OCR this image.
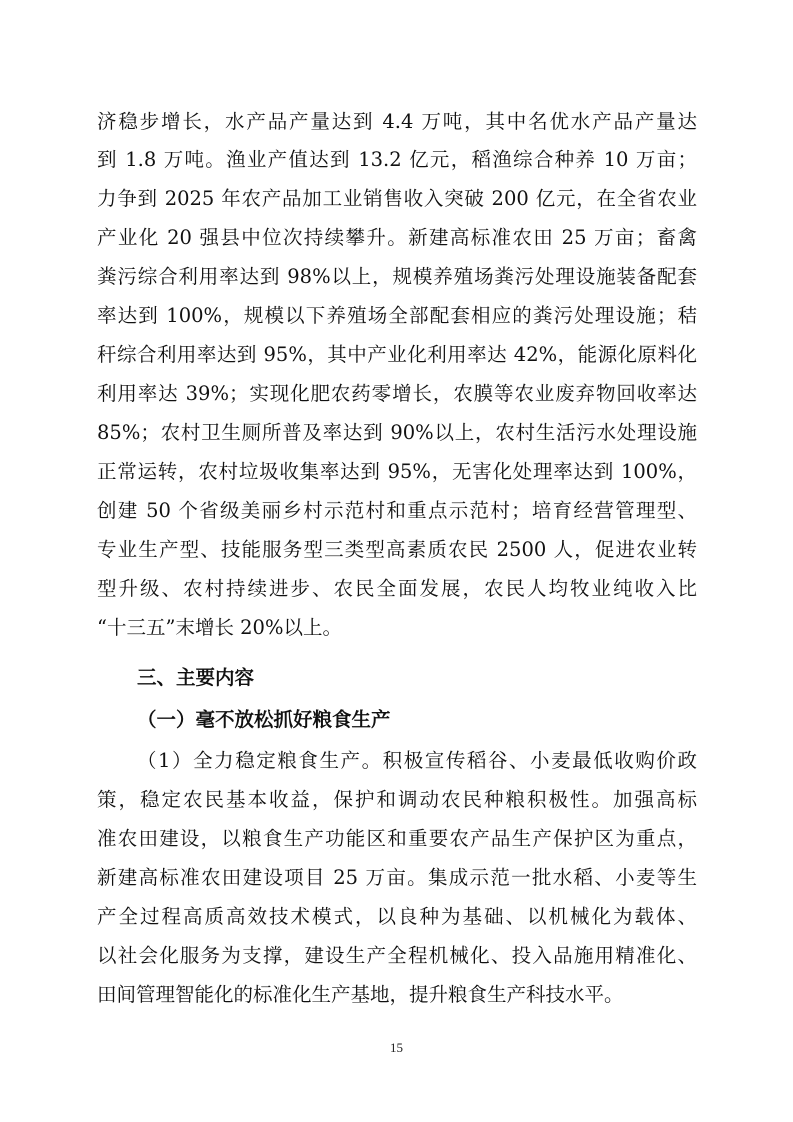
济稳步增长，水产品产量达到 4.4 万吨，其中名优水产品产量达
到 1.8 万吨。渔业产值达到 13.2 亿元，稻渔综合种养 10 万亩；
力争到 2025 年农产品加工业销售收入突破 200 亿元，在全省农业
产业化 20 强县中位次持续攀升。新建高标准农田 25 万亩；畜禽
粪污综合利用率达到 98%以上，规模养殖场粪污处理设施装备配套
率达到 100%，规模以下养殖场全部配套相应的粪污处理设施；秸
秆综合利用率达到 95%，其中产业化利用率达 42%，能源化原料化
利用率达 39%；实现化肥农药零增长，农膜等农业废弃物回收率达
85%；农村卫生厕所普及率达到 90%以上，农村生活污水处理设施
正常运转，农村垃圾收集率达到 95%，无害化处理率达到 100%，
创建 50 个省级美丽乡村示范村和重点示范村；培育经营管理型、
专业生产型、技能服务型三类型高素质农民 2500 人，促进农业转
型升级、农村持续进步、农民全面发展，农民人均牧业纯收入比
“十三五”末增长 20%以上。
三、主要内容
（一）毫不放松抓好粮食生产
（1）全力稳定粮食生产。积极宣传稻谷、小麦最低收购价政
策，稳定农民基本收益，保护和调动农民种粮积极性。加强高标
准农田建设，以粮食生产功能区和重要农产品生产保护区为重点，
新建高标准农田建设项目 25 万亩。集成示范一批水稻、小麦等生
产全过程高质高效技术模式，以良种为基础、以机械化为载体、
以社会化服务为支撑，建设生产全程机械化、投入品施用精准化、
田间管理智能化的标准化生产基地，提升粮食生产科技水平。
15
